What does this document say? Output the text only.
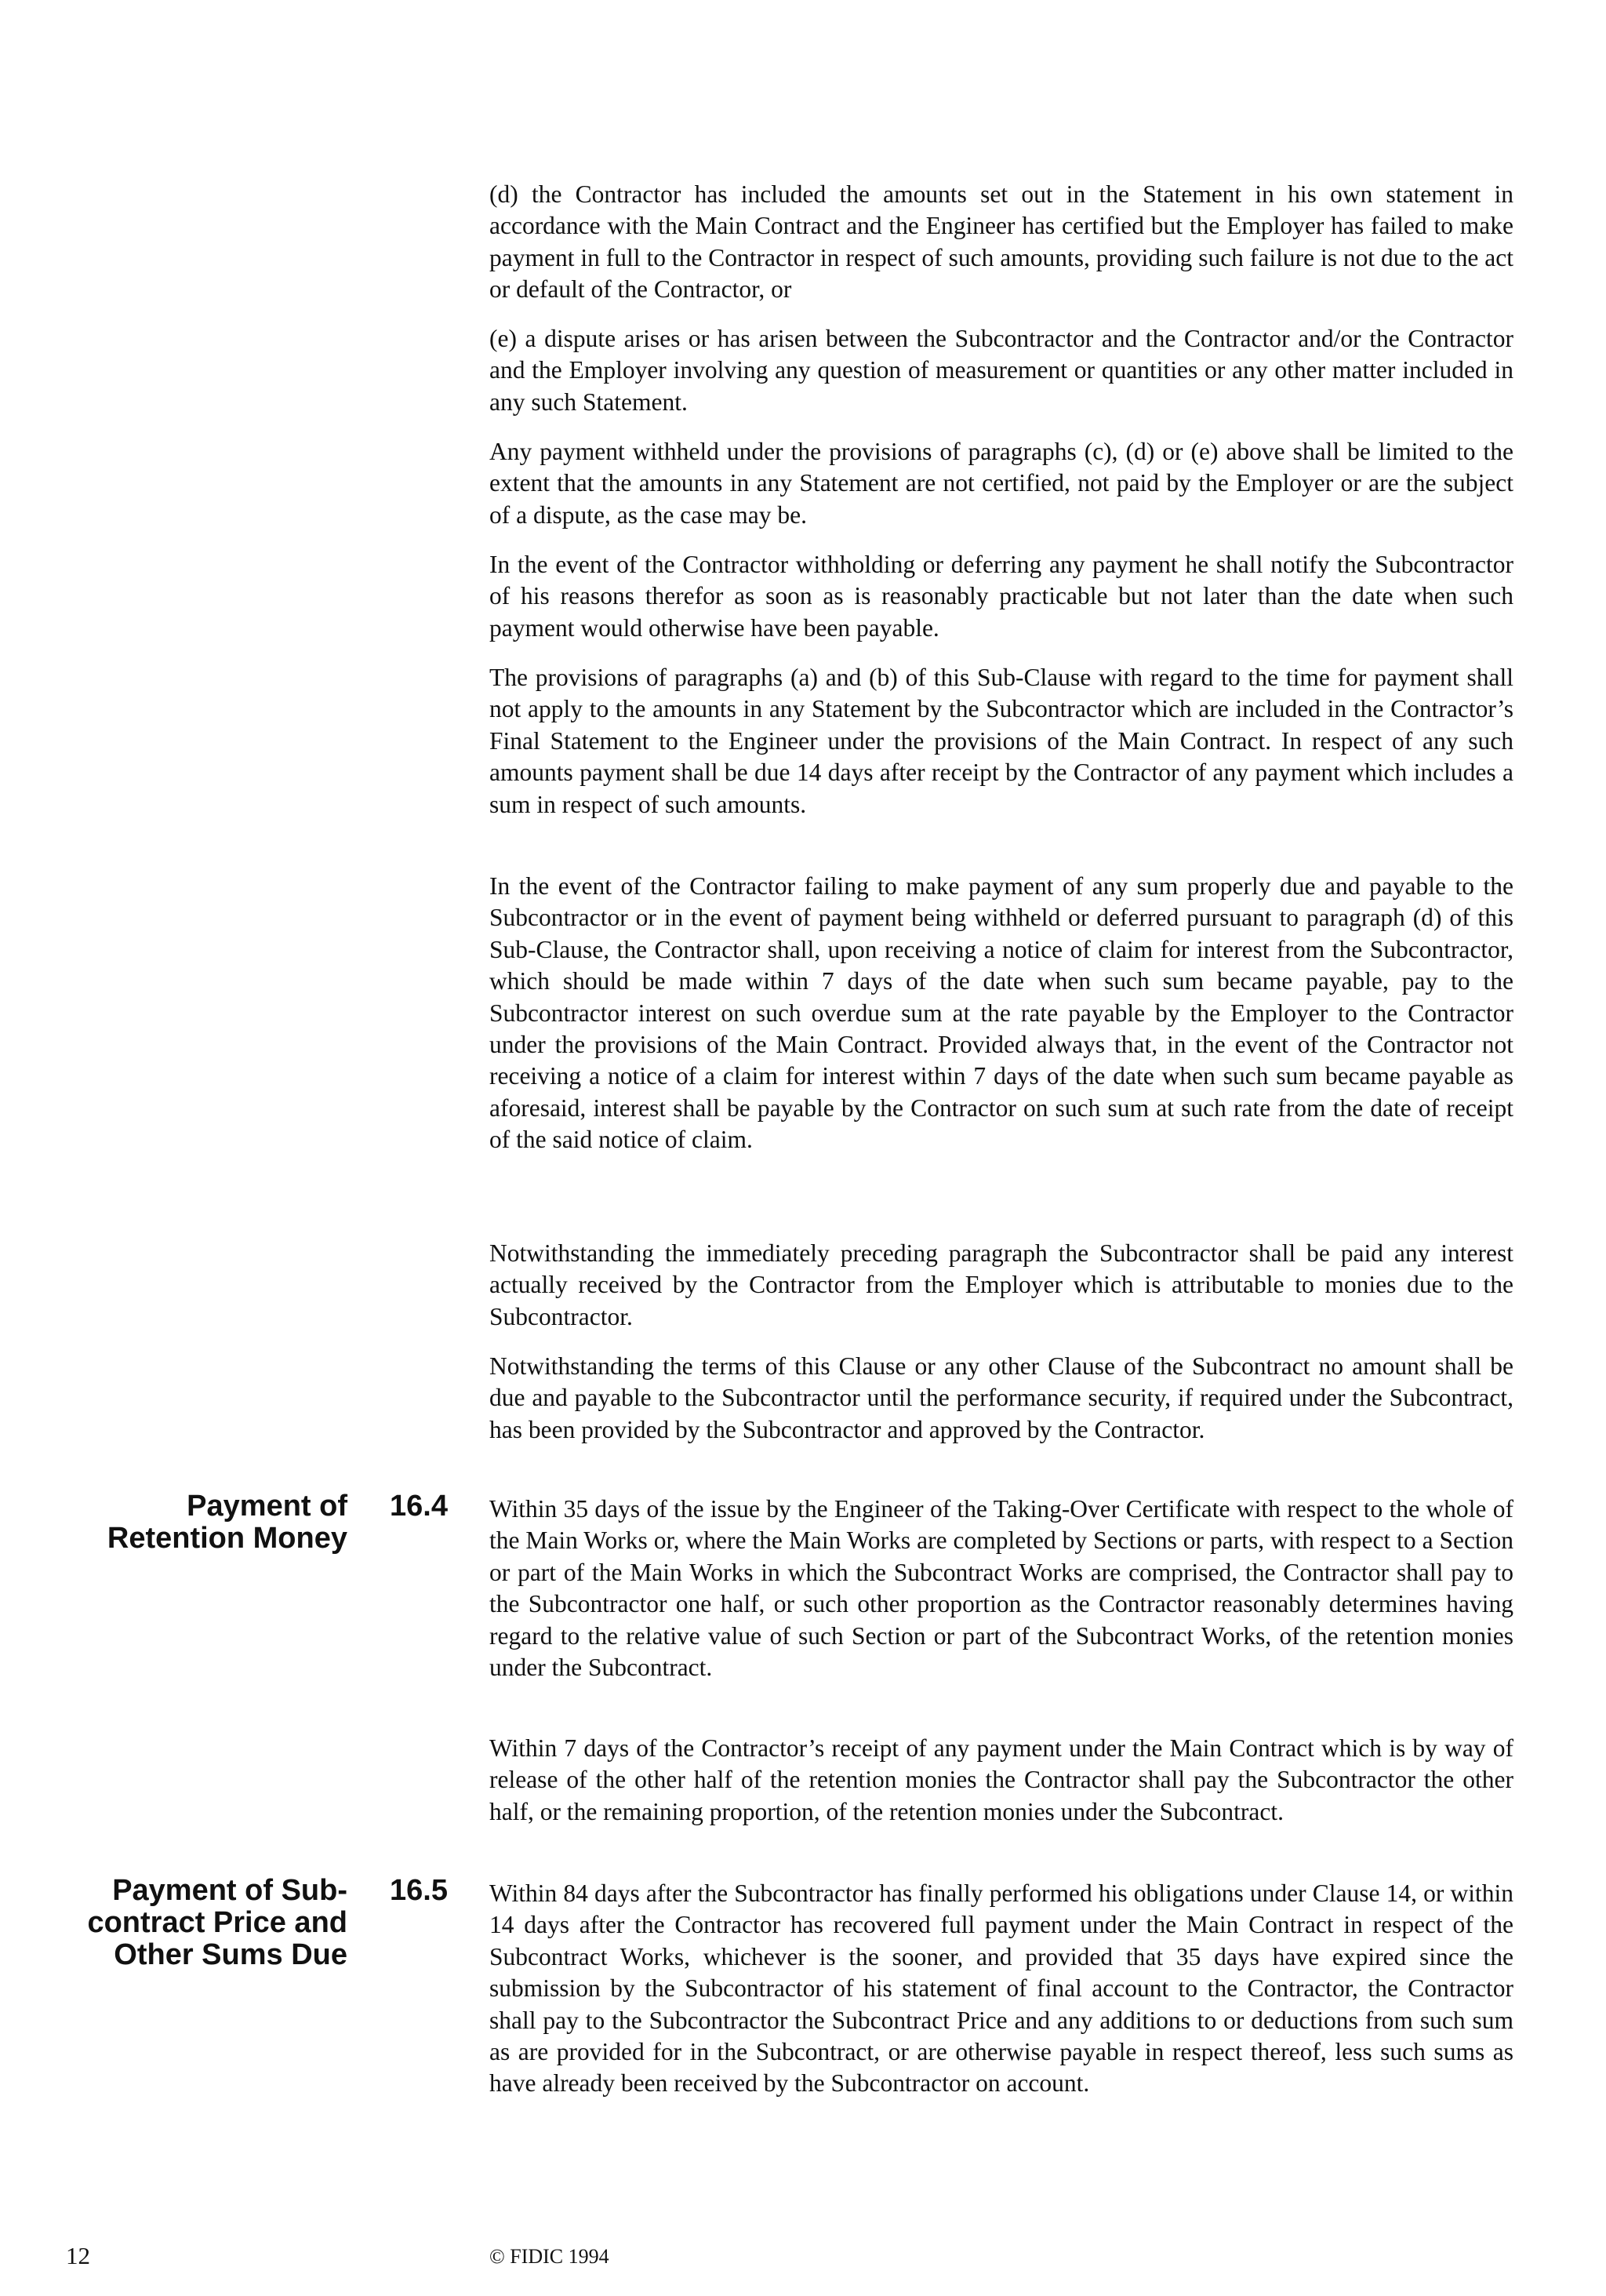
(d) the Contractor has included the amounts set out in the Statement in his own statement in accordance with the Main Contract and the Engineer has certified but the Employer has failed to make payment in full to the Contractor in respect of such amounts, providing such failure is not due to the act or default of the Contractor, or

(e) a dispute arises or has arisen between the Subcontractor and the Contractor and/or the Contractor and the Employer involving any question of measurement or quantities or any other matter included in any such Statement.

Any payment withheld under the provisions of paragraphs (c), (d) or (e) above shall be limited to the extent that the amounts in any Statement are not certified, not paid by the Employer or are the subject of a dispute, as the case may be.

In the event of the Contractor withholding or deferring any payment he shall notify the Subcontractor of his reasons therefor as soon as is reasonably practicable but not later than the date when such payment would otherwise have been payable.

The provisions of paragraphs (a) and (b) of this Sub-Clause with regard to the time for payment shall not apply to the amounts in any Statement by the Subcontractor which are included in the Contractor’s Final Statement to the Engineer under the provisions of the Main Contract. In respect of any such amounts payment shall be due 14 days after receipt by the Contractor of any payment which includes a sum in respect of such amounts.

In the event of the Contractor failing to make payment of any sum properly due and payable to the Subcontractor or in the event of payment being withheld or deferred pursuant to paragraph (d) of this Sub-Clause, the Contractor shall, upon receiving a notice of claim for interest from the Subcontractor, which should be made within 7 days of the date when such sum became payable, pay to the Subcontractor interest on such overdue sum at the rate payable by the Employer to the Contractor under the provisions of the Main Contract. Provided always that, in the event of the Contractor not receiving a notice of a claim for interest within 7 days of the date when such sum became payable as aforesaid, interest shall be payable by the Contractor on such sum at such rate from the date of receipt of the said notice of claim.

Notwithstanding the immediately preceding paragraph the Subcontractor shall be paid any interest actually received by the Contractor from the Employer which is attributable to monies due to the Subcontractor.

Notwithstanding the terms of this Clause or any other Clause of the Subcontract no amount shall be due and payable to the Subcontractor until the performance security, if required under the Subcontract, has been provided by the Subcontractor and approved by the Contractor.

Payment of
Retention Money
16.4 Within 35 days of the issue by the Engineer of the Taking-Over Certificate with respect to the whole of the Main Works or, where the Main Works are completed by Sections or parts, with respect to a Section or part of the Main Works in which the Subcontract Works are comprised, the Contractor shall pay to the Subcontractor one half, or such other proportion as the Contractor reasonably determines having regard to the relative value of such Section or part of the Subcontract Works, of the retention monies under the Subcontract.

Within 7 days of the Contractor’s receipt of any payment under the Main Contract which is by way of release of the other half of the retention monies the Contractor shall pay the Subcontractor the other half, or the remaining proportion, of the retention monies under the Subcontract.

Payment of Sub-
contract Price and
Other Sums Due
16.5 Within 84 days after the Subcontractor has finally performed his obligations under Clause 14, or within 14 days after the Contractor has recovered full payment under the Main Contract in respect of the Subcontract Works, whichever is the sooner, and provided that 35 days have expired since the submission by the Subcontractor of his statement of final account to the Contractor, the Contractor shall pay to the Subcontractor the Subcontract Price and any additions to or deductions from such sum as are provided for in the Subcontract, or are otherwise payable in respect thereof, less such sums as have already been received by the Subcontractor on account.

12	© FIDIC 1994
